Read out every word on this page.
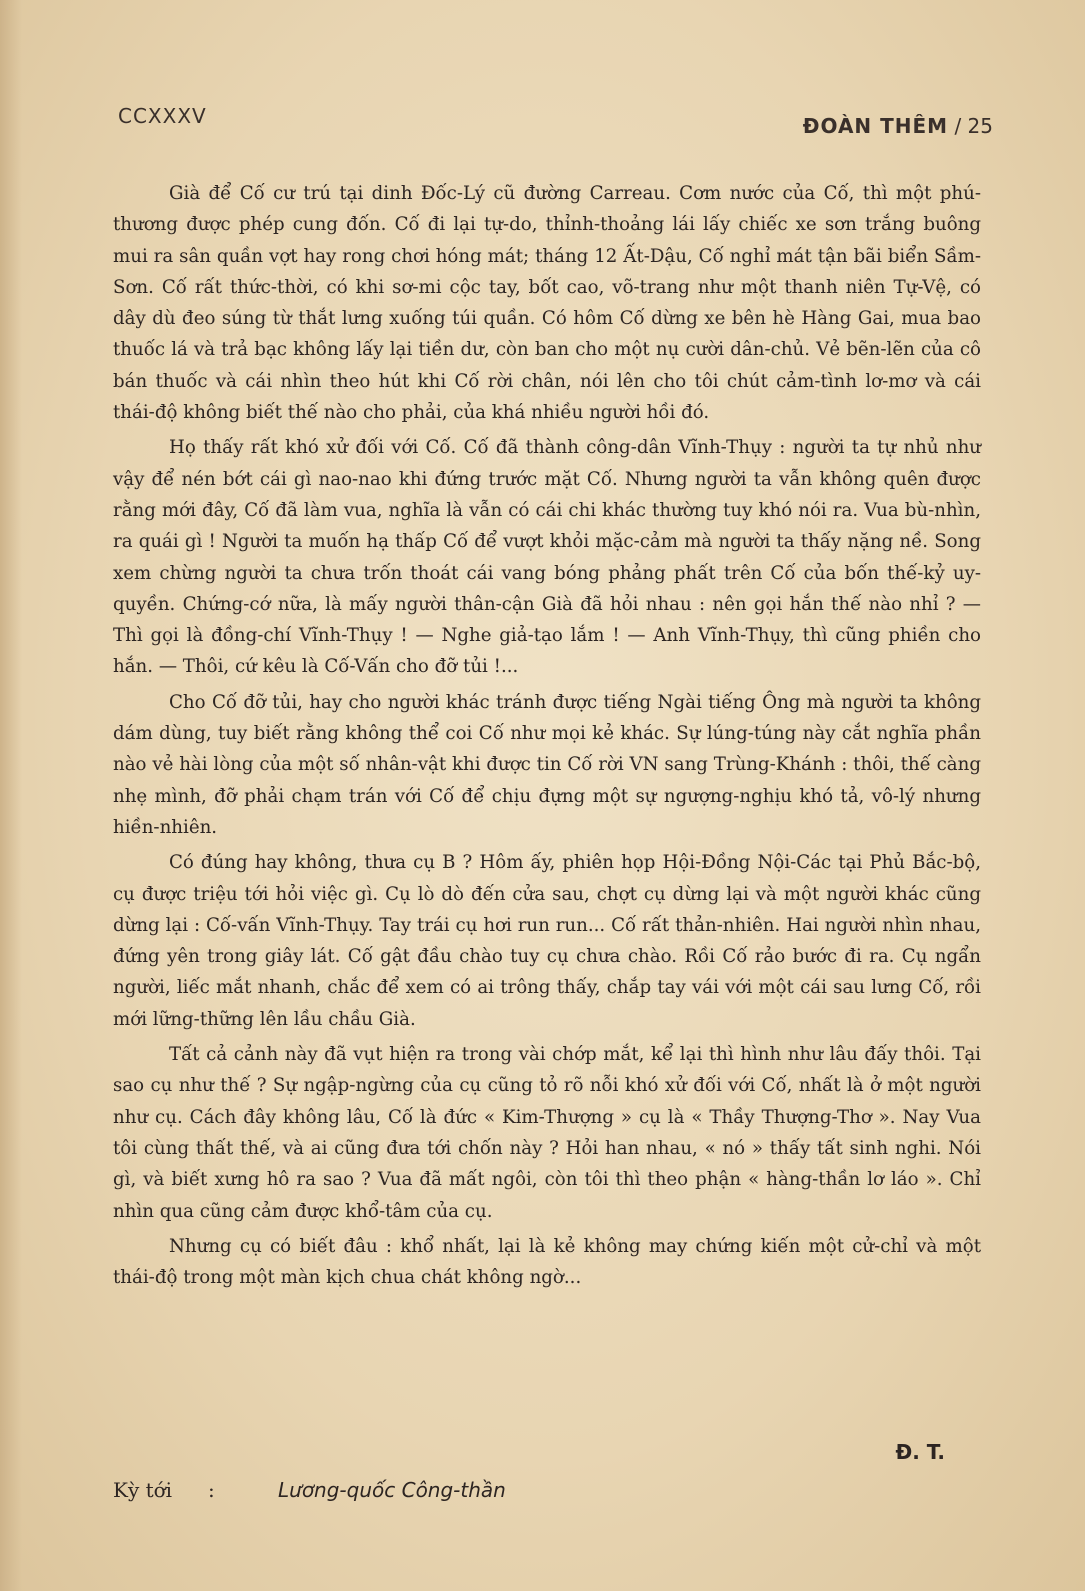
CCXXXV	ĐOÀN THÊM / 25

Già để Cố cư trú tại dinh Đốc-Lý cũ đường Carreau. Cơm nước của Cố, thì một phú-thương được phép cung đốn. Cố đi lại tự-do, thỉnh-thoảng lái lấy chiếc xe sơn trắng buông mui ra sân quần vợt hay rong chơi hóng mát; tháng 12 Ất-Dậu, Cố nghỉ mát tận bãi biển Sầm-Sơn. Cố rất thức-thời, có khi sơ-mi cộc tay, bốt cao, võ-trang như một thanh niên Tự-Vệ, có dây dù đeo súng từ thắt lưng xuống túi quần. Có hôm Cố dừng xe bên hè Hàng Gai, mua bao thuốc lá và trả bạc không lấy lại tiền dư, còn ban cho một nụ cười dân-chủ. Vẻ bẽn-lẽn của cô bán thuốc và cái nhìn theo hút khi Cố rời chân, nói lên cho tôi chút cảm-tình lơ-mơ và cái thái-độ không biết thế nào cho phải, của khá nhiều người hồi đó.

Họ thấy rất khó xử đối với Cố. Cố đã thành công-dân Vĩnh-Thụy : người ta tự nhủ như vậy để nén bớt cái gì nao-nao khi đứng trước mặt Cố. Nhưng người ta vẫn không quên được rằng mới đây, Cố đã làm vua, nghĩa là vẫn có cái chi khác thường tuy khó nói ra. Vua bù-nhìn, ra quái gì ! Người ta muốn hạ thấp Cố để vượt khỏi mặc-cảm mà người ta thấy nặng nề. Song xem chừng người ta chưa trốn thoát cái vang bóng phảng phất trên Cố của bốn thế-kỷ uy-quyền. Chứng-cớ nữa, là mấy người thân-cận Già đã hỏi nhau : nên gọi hắn thế nào nhỉ ? — Thì gọi là đồng-chí Vĩnh-Thụy ! — Nghe giả-tạo lắm ! — Anh Vĩnh-Thụy, thì cũng phiền cho hắn. — Thôi, cứ kêu là Cố-Vấn cho đỡ tủi !...

Cho Cố đỡ tủi, hay cho người khác tránh được tiếng Ngài tiếng Ông mà người ta không dám dùng, tuy biết rằng không thể coi Cố như mọi kẻ khác. Sự lúng-túng này cắt nghĩa phần nào vẻ hài lòng của một số nhân-vật khi được tin Cố rời VN sang Trùng-Khánh : thôi, thế càng nhẹ mình, đỡ phải chạm trán với Cố để chịu đựng một sự ngượng-nghịu khó tả, vô-lý nhưng hiền-nhiên.

Có đúng hay không, thưa cụ B ? Hôm ấy, phiên họp Hội-Đồng Nội-Các tại Phủ Bắc-bộ, cụ được triệu tới hỏi việc gì. Cụ lò dò đến cửa sau, chợt cụ dừng lại và một người khác cũng dừng lại : Cố-vấn Vĩnh-Thụy. Tay trái cụ hơi run run... Cố rất thản-nhiên. Hai người nhìn nhau, đứng yên trong giây lát. Cố gật đầu chào tuy cụ chưa chào. Rồi Cố rảo bước đi ra. Cụ ngẩn người, liếc mắt nhanh, chắc để xem có ai trông thấy, chắp tay vái với một cái sau lưng Cố, rồi mới lững-thững lên lầu chầu Già.

Tất cả cảnh này đã vụt hiện ra trong vài chớp mắt, kể lại thì hình như lâu đấy thôi. Tại sao cụ như thế ? Sự ngập-ngừng của cụ cũng tỏ rõ nỗi khó xử đối với Cố, nhất là ở một người như cụ. Cách đây không lâu, Cố là đức « Kim-Thượng » cụ là « Thầy Thượng-Thơ ». Nay Vua tôi cùng thất thế, và ai cũng đưa tới chốn này ? Hỏi han nhau, « nó » thấy tất sinh nghi. Nói gì, và biết xưng hô ra sao ? Vua đã mất ngôi, còn tôi thì theo phận « hàng-thần lơ láo ». Chỉ nhìn qua cũng cảm được khổ-tâm của cụ.

Nhưng cụ có biết đâu : khổ nhất, lại là kẻ không may chứng kiến một cử-chỉ và một thái-độ trong một màn kịch chua chát không ngờ...

Đ. T.
Kỳ tới :	Lương-quốc Công-thần
